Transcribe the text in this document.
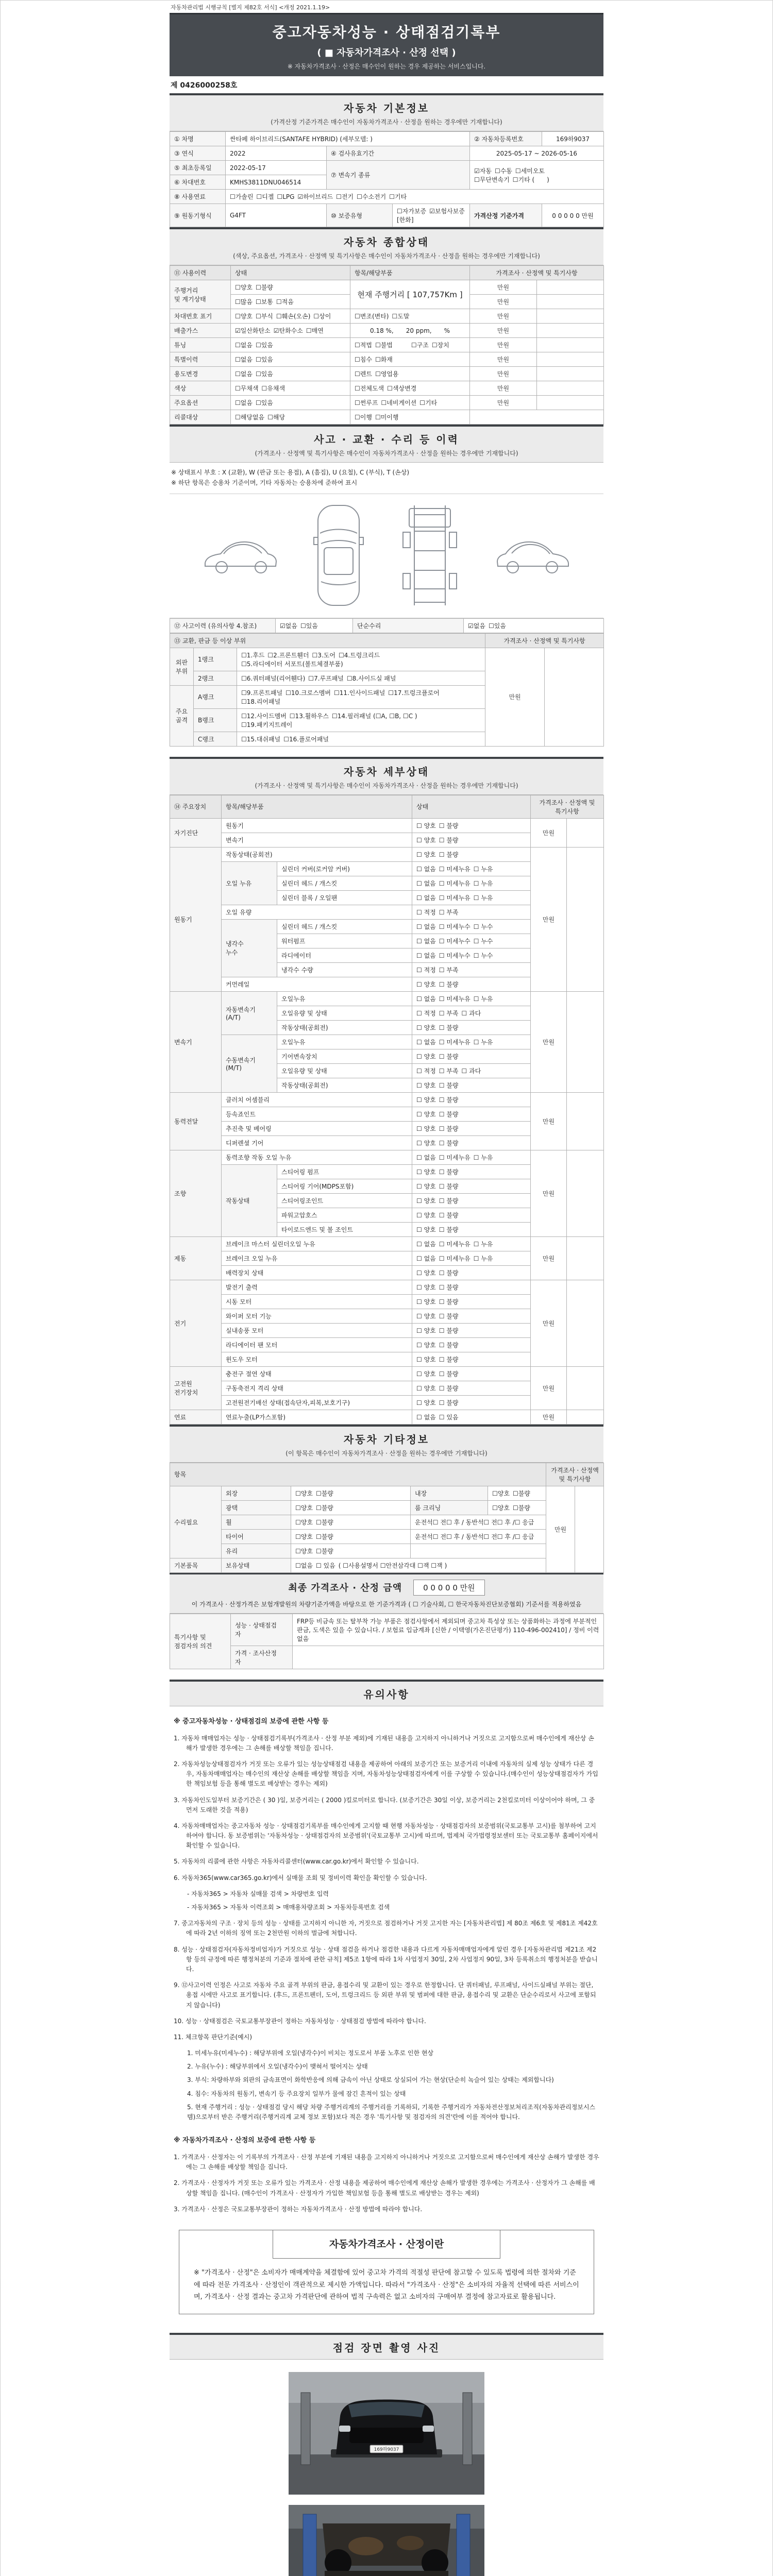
자동차관리법 시행규칙 [별지 제82호 서식] <개정 2021.1.19>
중고자동차성능 · 상태점검기록부
( ■ 자동차가격조사 · 산정 선택 )
※ 자동차가격조사 · 산정은 매수인이 원하는 경우 제공하는 서비스입니다.
제 0426000258호
자동차 기본정보
(가격산정 기준가격은 매수인이 자동차가격조사 · 산정을 원하는 경우에만 기재합니다)
① 차명	싼타페 하이브리드(SANTAFE HYBRID) (세부모델: )			② 자동차등록번호	169하9037
③ 연식	2022	④ 검사유효기간		2025-05-17 ~ 2026-05-16	
⑤ 최초등록일	2022-05-17	⑦ 변속기 종류		☑자동 ☐수동 ☐세미오토
☐무단변속기 ☐기타 (  )	
⑥ 차대번호	KMHS3811DNU046514				
⑧ 사용연료	☐가솔린 ☐디젤 ☐LPG ☑하이브리드 ☐전기 ☐수소전기 ☐기타				
⑨ 원동기형식	G4FT	⑩ 보증유형	☐자가보증 ☑보험사보증 [한화]	가격산정 기준가격	0 0 0 0 0 만원
자동차 종합상태
(색상, 주요옵션, 가격조사 · 산정액 및 특기사항은 매수인이 자동차가격조사 · 산정을 원하는 경우에만 기재합니다)
⑪ 사용이력	상태	항목/해당부품	가격조사 · 산정액 및 특기사항	
주행거리
및 계기상태	☐양호 ☐불량	현재 주행거리 [ 107,757Km ]	만원	
	☐많음 ☐보통 ☐적음		만원	
차대번호 표기	☐양호 ☐부식 ☐훼손(오손) ☐상이	☐변조(변타) ☐도말	만원	
배출가스	☑일산화탄소 ☑탄화수소 ☐매연	0.18 %,  20 ppm,  %	만원	
튜닝	☐없음 ☐있음	☐적법 ☐불법   ☐구조 ☐장치	만원	
특별이력	☐없음 ☐있음	☐침수 ☐화재	만원	
용도변경	☐없음 ☐있음	☐렌트 ☐영업용	만원	
색상	☐무채색 ☐유채색	☐전체도색 ☐색상변경	만원	
주요옵션	☐없음 ☐있음	☐썬루프 ☐네비게이션 ☐기타	만원	
리콜대상	☐해당없음 ☐해당	☐이행 ☐미이행		
사고 · 교환 · 수리 등 이력
(가격조사 · 산정액 및 특기사항은 매수인이 자동차가격조사 · 산정을 원하는 경우에만 기재합니다)
※ 상태표시 부호 : X (교환), W (판금 또는 용접), A (흠집), U (요철), C (부식), T (손상)
※ 하단 항목은 승용차 기준이며, 기타 자동차는 승용차에 준하여 표시
⑫ 사고이력 (유의사항 4.참조)	☑없음 ☐있음	단순수리	☑없음 ☐있음
⑬ 교환, 판금 등 이상 부위			가격조사 · 산정액 및 특기사항	
외판
부위	1랭크	☐1.후드 ☐2.프론트휀더 ☐3.도어 ☐4.트렁크리드
☐5.라디에이터 서포트(볼트체결부품)	만원	
	2랭크	☐6.쿼터패널(리어휀다) ☐7.루프패널 ☐8.사이드실 패널		
주요
골격	A랭크	☐9.프론트패널 ☐10.크로스멤버 ☐11.인사이드패널 ☐17.트렁크플로어
☐18.리어패널		
	B랭크	☐12.사이드멤버 ☐13.휠하우스 ☐14.필러패널 (☐A, ☐B, ☐C )
☐19.패키지트레이		
	C랭크	☐15.대쉬패널 ☐16.플로어패널		
자동차 세부상태
(가격조사 · 산정액 및 특기사항은 매수인이 자동차가격조사 · 산정을 원하는 경우에만 기재합니다)
⑭ 주요장치	항목/해당부품		상태	가격조사 · 산정액 및 특기사항	
자기진단	원동기		☐ 양호 ☐ 불량	만원	
	변속기		☐ 양호 ☐ 불량		
원동기	작동상태(공회전)		☐ 양호 ☐ 불량	만원	
	오일 누유	실린더 커버(로커암 커버)	☐ 없음 ☐ 미세누유 ☐ 누유		
		실린더 헤드 / 개스킷	☐ 없음 ☐ 미세누유 ☐ 누유		
		실린더 블록 / 오일팬	☐ 없음 ☐ 미세누유 ☐ 누유		
	오일 유량		☐ 적정 ☐ 부족		
	냉각수
누수	실린더 헤드 / 개스킷	☐ 없음 ☐ 미세누수 ☐ 누수		
		워터펌프	☐ 없음 ☐ 미세누수 ☐ 누수		
		라디에이터	☐ 없음 ☐ 미세누수 ☐ 누수		
		냉각수 수량	☐ 적정 ☐ 부족		
	커먼레일		☐ 양호 ☐ 불량		
변속기	자동변속기
(A/T)	오일누유	☐ 없음 ☐ 미세누유 ☐ 누유	만원	
		오일유량 및 상태	☐ 적정 ☐ 부족 ☐ 과다		
		작동상태(공회전)	☐ 양호 ☐ 불량		
	수동변속기
(M/T)	오일누유	☐ 없음 ☐ 미세누유 ☐ 누유		
		기어변속장치	☐ 양호 ☐ 불량		
		오일유량 및 상태	☐ 적정 ☐ 부족 ☐ 과다		
		작동상태(공회전)	☐ 양호 ☐ 불량		
동력전달	클러치 어셈블리		☐ 양호 ☐ 불량	만원	
	등속죠인트		☐ 양호 ☐ 불량		
	추진축 및 베어링		☐ 양호 ☐ 불량		
	디퍼렌셜 기어		☐ 양호 ☐ 불량		
조향	동력조향 작동 오일 누유		☐ 없음 ☐ 미세누유 ☐ 누유	만원	
	작동상태	스티어링 펌프	☐ 양호 ☐ 불량		
		스티어링 기어(MDPS포함)	☐ 양호 ☐ 불량		
		스티어링조인트	☐ 양호 ☐ 불량		
		파워고압호스	☐ 양호 ☐ 불량		
		타이로드엔드 및 볼 조인트	☐ 양호 ☐ 불량		
제동	브레이크 마스터 실린더오일 누유		☐ 없음 ☐ 미세누유 ☐ 누유	만원	
	브레이크 오일 누유		☐ 없음 ☐ 미세누유 ☐ 누유		
	배력장치 상태		☐ 양호 ☐ 불량		
전기	발전기 출력		☐ 양호 ☐ 불량	만원	
	시동 모터		☐ 양호 ☐ 불량		
	와이퍼 모터 기능		☐ 양호 ☐ 불량		
	실내송풍 모터		☐ 양호 ☐ 불량		
	라디에이터 팬 모터		☐ 양호 ☐ 불량		
	윈도우 모터		☐ 양호 ☐ 불량		
고전원
전기장치	충전구 절연 상태		☐ 양호 ☐ 불량	만원	
	구동축전지 격리 상태		☐ 양호 ☐ 불량		
	고전원전기배선 상태(접속단자,피복,보호기구)		☐ 양호 ☐ 불량		
연료	연료누출(LP가스포함)		☐ 없음 ☐ 있음	만원	
자동차 기타정보
(이 항목은 매수인이 자동차가격조사 · 산정을 원하는 경우에만 기재합니다)
항목					가격조사 · 산정액 및 특기사항	
수리필요	외장	☐양호 ☐불량	내장	☐양호 ☐불량	만원	
	광택	☐양호 ☐불량	룸 크리닝	☐양호 ☐불량		
	휠	☐양호 ☐불량	운전석☐ 전☐ 후 / 동반석☐ 전☐ 후 /☐ 응급			
	타이어	☐양호 ☐불량	운전석☐ 전☐ 후 / 동반석☐ 전☐ 후 /☐ 응급			
	유리	☐양호 ☐불량				
기본품목	보유상태	☐없음 ☐ 있음 ( ☐사용설명서 ☐안전삼각대 ☐잭 ☐잭 )				
최종 가격조사 · 산정 금액	0 0 0 0 0 만원
이 가격조사 · 산정가격은 보험개발원의 차량기준가액을 바탕으로 한 기준가격과 ( ☐ 기술사회, ☐ 한국자동차진단보증협회) 기준서를 적용하였음
특기사항 및
점검자의 의견	성능 · 상태점검
자	FRP등 비금속 또는 탈부착 가능 부품은 점검사항에서 제외되며 중고차 특성상 또는 상품화하는 과정에 부분적인 판금, 도색은 있을 수 있습니다. / 보험료 입금계좌 [신한 / 이택영(가온진단평가) 110-496-002410] / 정비 이력 없음
	가격 · 조사산정
자	
유의사항
※ 중고자동차성능 · 상태점검의 보증에 관한 사항 등
1. 자동차 매매업자는 성능 · 상태점검기록부(가격조사 · 산정 부분 제외)에 기재된 내용을 고지하지 아니하거나 거짓으로 고지함으로써 매수인에게 재산상 손해가 발생한 경우에는 그 손해를 배상할 책임을 집니다.
2. 자동차성능상태점검자가 거짓 또는 오류가 있는 성능상태점검 내용을 제공하여 아래의 보증기간 또는 보증거리 이내에 자동차의 실제 성능 상태가 다른 경우, 자동차매매업자는 매수인의 재산상 손해를 배상할 책임을 지며, 자동차성능상태점검자에게 이를 구상할 수 있습니다.(매수인이 성능상태점검자가 가입한 책임보험 등을 통해 별도로 배상받는 경우는 제외)
3. 자동차인도일부터 보증기간은 ( 30 )일, 보증거리는 ( 2000 )킬로미터로 합니다. (보증기간은 30일 이상, 보증거리는 2천킬로미터 이상이어야 하며, 그 중 먼저 도래한 것을 적용)
4. 자동차매매업자는 중고자동차 성능 · 상태점검기록부를 매수인에게 고지할 때 현행 자동차성능 · 상태점검자의 보증범위(국토교통부 고시)를 첨부하여 고지하여야 합니다. 동 보증범위는 '자동차성능 · 상태점검자의 보증범위'(국토교통부 고시)에 따르며, 법제처 국가법령정보센터 또는 국토교통부 홈페이지에서 확인할 수 있습니다.
5. 자동차의 리콜에 관한 사항은 자동차리콜센터(www.car.go.kr)에서 확인할 수 있습니다.
6. 자동차365(www.car365.go.kr)에서 실매물 조회 및 정비이력 확인을 확인할 수 있습니다.
- 자동차365 > 자동차 실매물 검색 > 차량번호 입력
- 자동차365 > 자동차 이력조회 > 매매용차량조회 > 자동차등록번호 검색
7. 중고자동차의 구조 · 장치 등의 성능 · 상태를 고지하지 아니한 자, 거짓으로 점검하거나 거짓 고지한 자는 [자동차관리법] 제 80조 제6호 및 제81조 제42호에 따라 2년 이하의 징역 또는 2천만원 이하의 벌금에 처합니다.
8. 성능 · 상태점검자(자동차정비업자)가 거짓으로 성능 · 상태 점검을 하거나 점검한 내용과 다르게 자동차매매업자에게 알린 경우 [자동차관리법 제21조 제2항 등의 규정에 따른 행정처분의 기준과 절차에 관한 규칙] 제5조 1항에 따라 1차 사업정지 30일, 2차 사업정지 90일, 3차 등록취소의 행정처분을 받습니다.
9. ⑫사고이력 인정은 사고로 자동차 주요 골격 부위의 판금, 용접수리 및 교환이 있는 경우로 한정합니다. 단 쿼터패널, 루프패널, 사이드실패널 부위는 절단, 용접 시에만 사고로 표기합니다. (후드, 프론트펜더, 도어, 트렁크리드 등 외판 부위 및 범퍼에 대한 판금, 용접수리 및 교환은 단순수리로서 사고에 포함되지 않습니다)
10. 성능 · 상태점검은 국토교통부장관이 정하는 자동차성능 · 상태점검 방법에 따라야 합니다.
11. 체크항목 판단기준(예시)
1. 미세누유(미세누수) : 해당부위에 오일(냉각수)이 비치는 정도로서 부품 노후로 인한 현상
2. 누유(누수) : 해당부위에서 오일(냉각수)이 맺혀서 떨어지는 상태
3. 부식: 차량하부와 외판의 금속표면이 화학반응에 의해 금속이 아닌 상태로 상실되어 가는 현상(단순히 녹슬어 있는 상태는 제외합니다)
4. 침수: 자동차의 원동기, 변속기 등 주요장치 일부가 물에 잠긴 흔적이 있는 상태
5. 현재 주행거리 : 성능 · 상태점검 당시 해당 차량 주행거리계의 주행거리를 기록하되, 기록한 주행거리가 자동차전산정보처리조직(자동차관리정보시스템)으로부터 받은 주행거리(주행거리계 교체 정보 포함)보다 적은 경우 '특기사항 및 점검자의 의견'란에 이를 적어야 합니다.
※ 자동차가격조사 · 산정의 보증에 관한 사항 등
1. 가격조사 · 산정자는 이 기록부의 가격조사 · 산정 부분에 기재된 내용을 고지하지 아니하거나 거짓으로 고지함으로써 매수인에게 재산상 손해가 발생한 경우에는 그 손해를 배상할 책임을 집니다.
2. 가격조사 · 산정자가 거짓 또는 오류가 있는 가격조사 · 산정 내용을 제공하여 매수인에게 재산상 손해가 발생한 경우에는 가격조사 · 산정자가 그 손해를 배상할 책임을 집니다. (매수인이 가격조사 · 산정자가 가입한 책임보험 등을 통해 별도로 배상받는 경우는 제외)
3. 가격조사 · 산정은 국토교통부장관이 정하는 자동차가격조사 · 산정 방법에 따라야 합니다.
자동차가격조사 · 산정이란
※ "가격조사 · 산정"은 소비자가 매매계약을 체결함에 있어 중고차 가격의 적절성 판단에 참고할 수 있도록 법령에 의한 절차와 기준에 따라 전문 가격조사 · 산정인이 객관적으로 제시한 가액입니다. 따라서 "가격조사 · 산정"은 소비자의 자율적 선택에 따른 서비스이며, 가격조사 · 산정 결과는 중고차 가격판단에 관하여 법적 구속력은 없고 소비자의 구매여부 결정에 참고자료로 활용됩니다.
점검 장면 촬영 사진
169하9037
